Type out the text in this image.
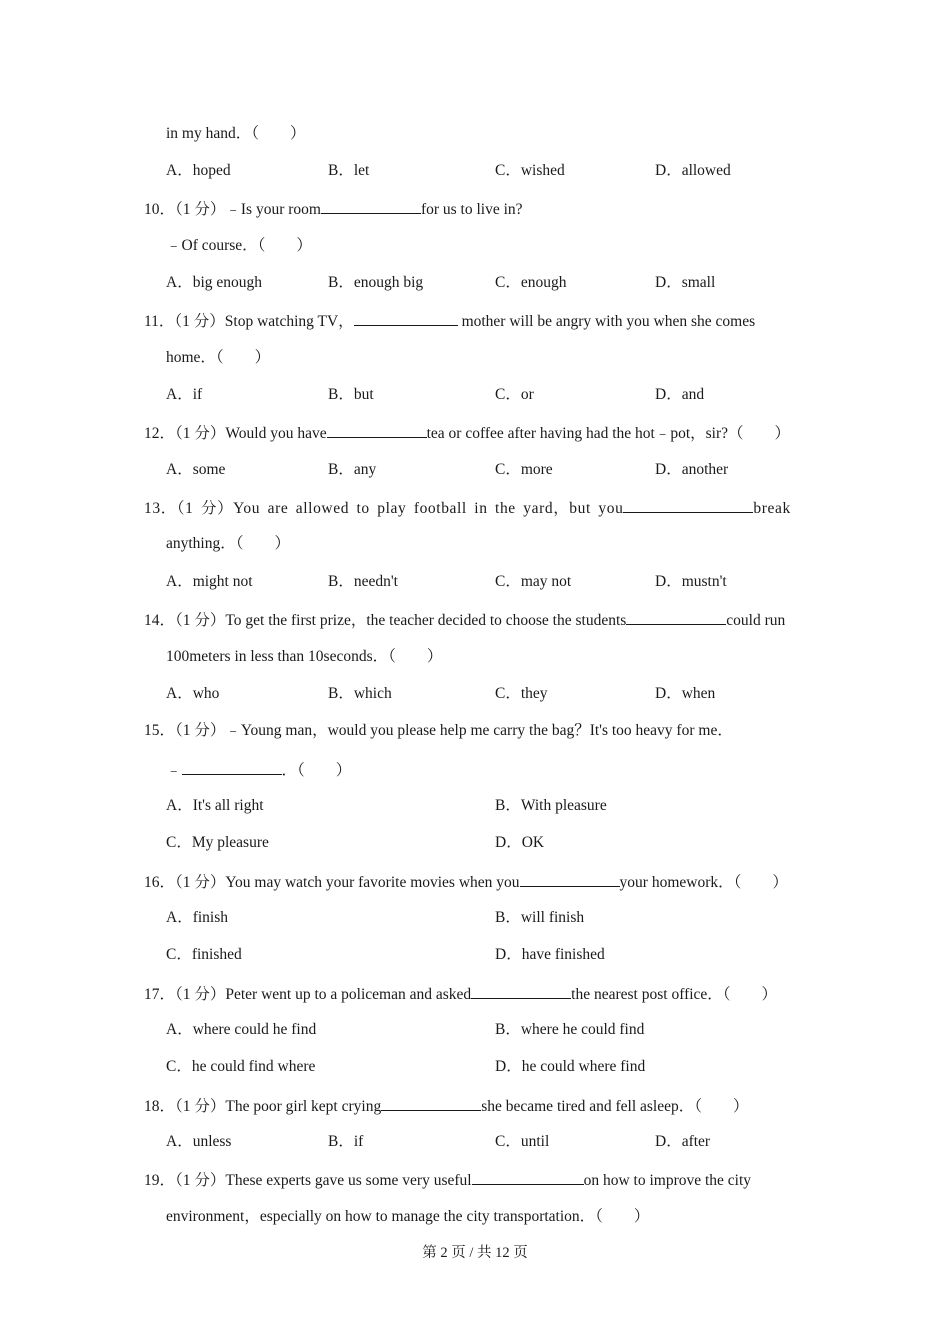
in my hand．（　　）
A．hoped	B．let	C．wished	D．allowed
10．（1 分）﹣Is your room	for us to live in?
﹣Of course．（　　）
A．big enough	B．enough big	C．enough	D．small
11．（1 分）Stop watching TV，	mother will be angry with you when she comes
home．（　　）
A．if	B．but	C．or	D．and
12．（1 分）Would you have	tea or coffee after having had the hot﹣pot，sir?（　　）
A．some	B．any	C．more	D．another
13．（1 分）You are allowed to play football in the yard，but you	break
anything．（　　）
A．might not	B．needn't	C．may not	D．mustn't
14．（1 分）To get the first prize，the teacher decided to choose the students	could run
100meters in less than 10seconds．（　　）
A．who	B．which	C．they	D．when
15．（1 分）﹣Young man，would you please help me carry the bag？It's too heavy for me．
﹣	．（　　）
A．It's all right	B．With pleasure
C．My pleasure	D．OK
16．（1 分）You may watch your favorite movies when you	your homework．（　　）
A．finish	B．will finish
C．finished	D．have finished
17．（1 分）Peter went up to a policeman and asked	the nearest post office．（　　）
A．where could he find	B．where he could find
C．he could find where	D．he could where find
18．（1 分）The poor girl kept crying	she became tired and fell asleep．（　　）
A．unless	B．if	C．until	D．after
19．（1 分）These experts gave us some very useful	on how to improve the city
environment，especially on how to manage the city transportation．（　　）
第 2 页 / 共 12 页
